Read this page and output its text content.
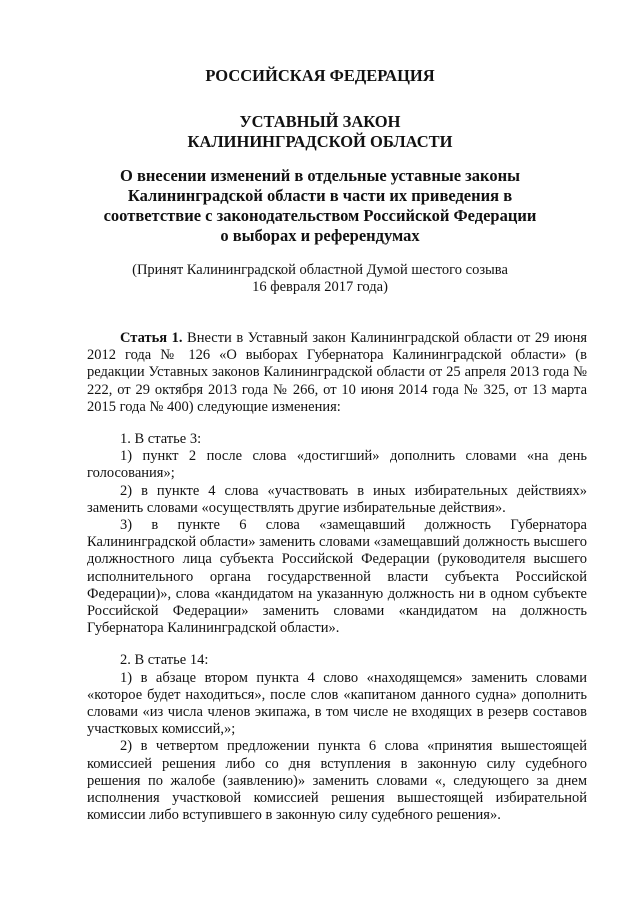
РОССИЙСКАЯ ФЕДЕРАЦИЯ
УСТАВНЫЙ ЗАКОН
КАЛИНИНГРАДСКОЙ ОБЛАСТИ
О внесении изменений в отдельные уставные законы
Калининградской области в части их приведения в
соответствие с законодательством Российской Федерации
о выборах и референдумах

(Принят Калининградской областной Думой шестого созыва
16 февраля 2017 года)

Статья 1. Внести в Уставный закон Калининградской области от 29 июня 2012 года № 126 «О выборах Губернатора Калининградской области» (в редакции Уставных законов Калининградской области от 25 апреля 2013 года № 222, от 29 октября 2013 года № 266, от 10 июня 2014 года № 325, от 13 марта 2015 года № 400) следующие изменения:

1. В статье 3:

1) пункт 2 после слова «достигший» дополнить словами «на день голосования»;

2) в пункте 4 слова «участвовать в иных избирательных действиях» заменить словами «осуществлять другие избирательные действия».

3) в пункте 6 слова «замещавший должность Губернатора Калининградской области» заменить словами «замещавший должность высшего должностного лица субъекта Российской Федерации (руководителя высшего исполнительного органа государственной власти субъекта Российской Федерации)», слова «кандидатом на указанную должность ни в одном субъекте Российской Федерации» заменить словами «кандидатом на должность Губернатора Калининградской области».

2. В статье 14:

1) в абзаце втором пункта 4 слово «находящемся» заменить словами «которое будет находиться», после слов «капитаном данного судна» дополнить словами «из числа членов экипажа, в том числе не входящих в резерв составов участковых комиссий,»;

2) в четвертом предложении пункта 6 слова «принятия вышестоящей комиссией решения либо со дня вступления в законную силу судебного решения по жалобе (заявлению)» заменить словами «, следующего за днем исполнения участковой комиссией решения вышестоящей избирательной комиссии либо вступившего в законную силу судебного решения».
